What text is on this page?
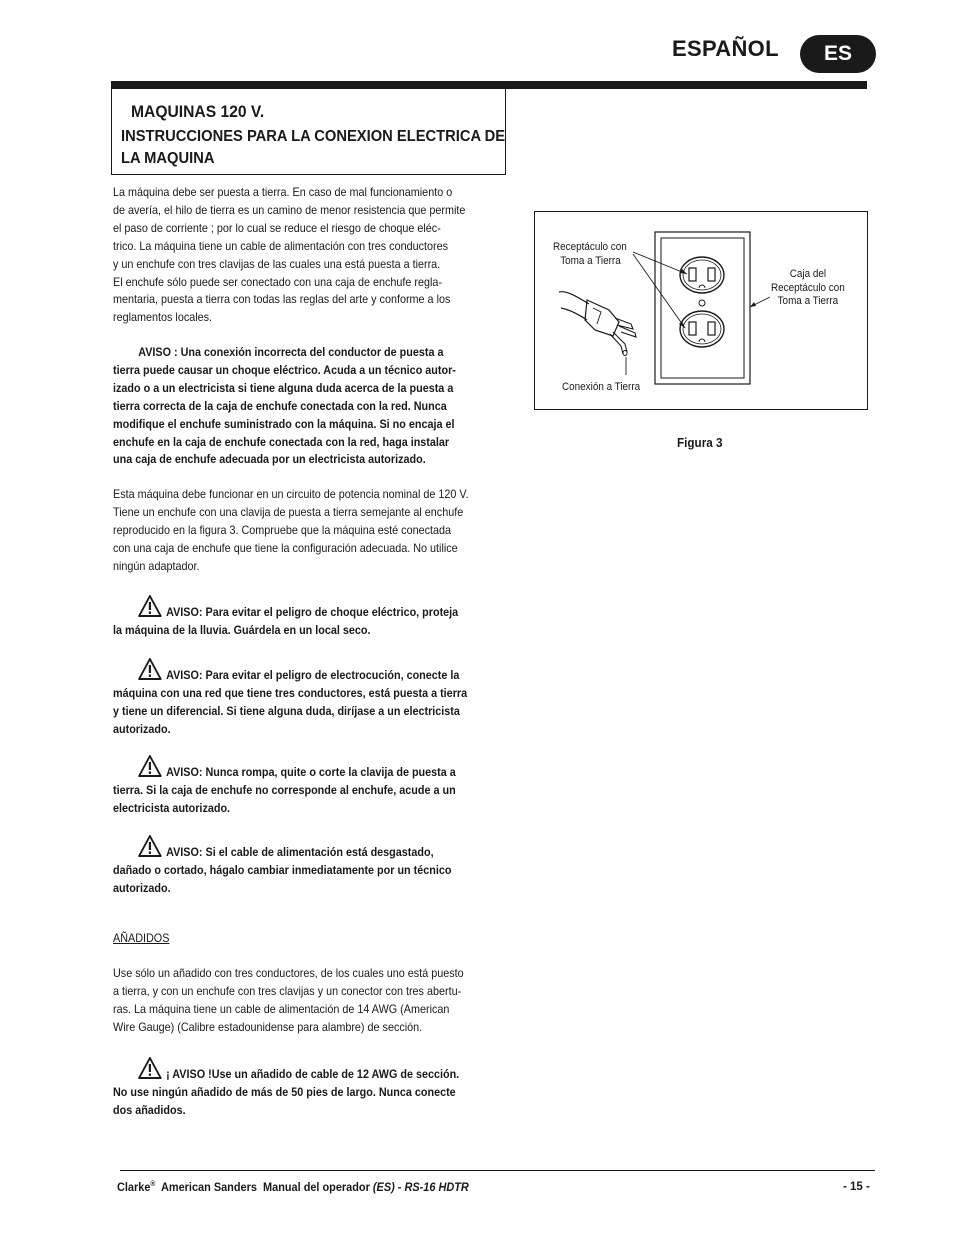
ESPAÑOL	ES
MAQUINAS 120 V.
INSTRUCCIONES PARA LA CONEXION ELECTRICA DE LA MAQUINA
La máquina debe ser puesta a tierra. En caso de mal funcionamiento o
de avería, el hilo de tierra es un camino de menor resistencia que permite
el paso de corriente ; por lo cual se reduce el riesgo de choque eléc-
trico. La máquina tiene un cable de alimentación con tres conductores
y un enchufe con tres clavijas de las cuales una está puesta a tierra.
El enchufe sólo puede ser conectado con una caja de enchufe regla-
mentaria, puesta a tierra con todas las reglas del arte y conforme a los
reglamentos locales.
AVISO : Una conexión incorrecta del conductor de puesta a
tierra puede causar un choque eléctrico. Acuda a un técnico autor-
izado o a un electricista si tiene alguna duda acerca de la puesta a
tierra correcta de la caja de enchufe conectada con la red. Nunca
modifique el enchufe suministrado con la máquina. Si no encaja el
enchufe en la caja de enchufe conectada con la red, haga instalar
una caja de enchufe adecuada por un electricista autorizado.
Esta máquina debe funcionar en un circuito de potencia nominal de 120 V.
Tiene un enchufe con una clavija de puesta a tierra semejante al enchufe
reproducido en la figura 3. Compruebe que la máquina esté conectada
con una caja de enchufe que tiene la configuración adecuada. No utilice
ningún adaptador.
AVISO: Para evitar el peligro de choque eléctrico, proteja
la máquina de la lluvia. Guárdela en un local seco.
AVISO: Para evitar el peligro de electrocución, conecte la
máquina con una red que tiene tres conductores, está puesta a tierra
y tiene un diferencial. Si tiene alguna duda, diríjase a un electricista
autorizado.
AVISO: Nunca rompa, quite o corte la clavija de puesta a
tierra. Si la caja de enchufe no corresponde al enchufe, acude a un
electricista autorizado.
AVISO: Si el cable de alimentación está desgastado,
dañado o cortado, hágalo cambiar inmediatamente por un técnico
autorizado.
AÑADIDOS
Use sólo un añadido con tres conductores, de los cuales uno está puesto
a tierra, y con un enchufe con tres clavijas y un conector con tres abertu-
ras. La máquina tiene un cable de alimentación de 14 AWG (American
Wire Gauge) (Calibre estadounidense para alambre) de sección.
¡ AVISO !Use un añadido de cable de 12 AWG de sección.
No use ningún añadido de más de 50 pies de largo. Nunca conecte
dos añadidos.
Receptáculo con
Toma a Tierra
Caja del
Receptáculo con
Toma a Tierra
Conexión a Tierra
Figura 3
Clarke® American Sanders Manual del operador (ES) - RS-16 HDTR	- 15 -
